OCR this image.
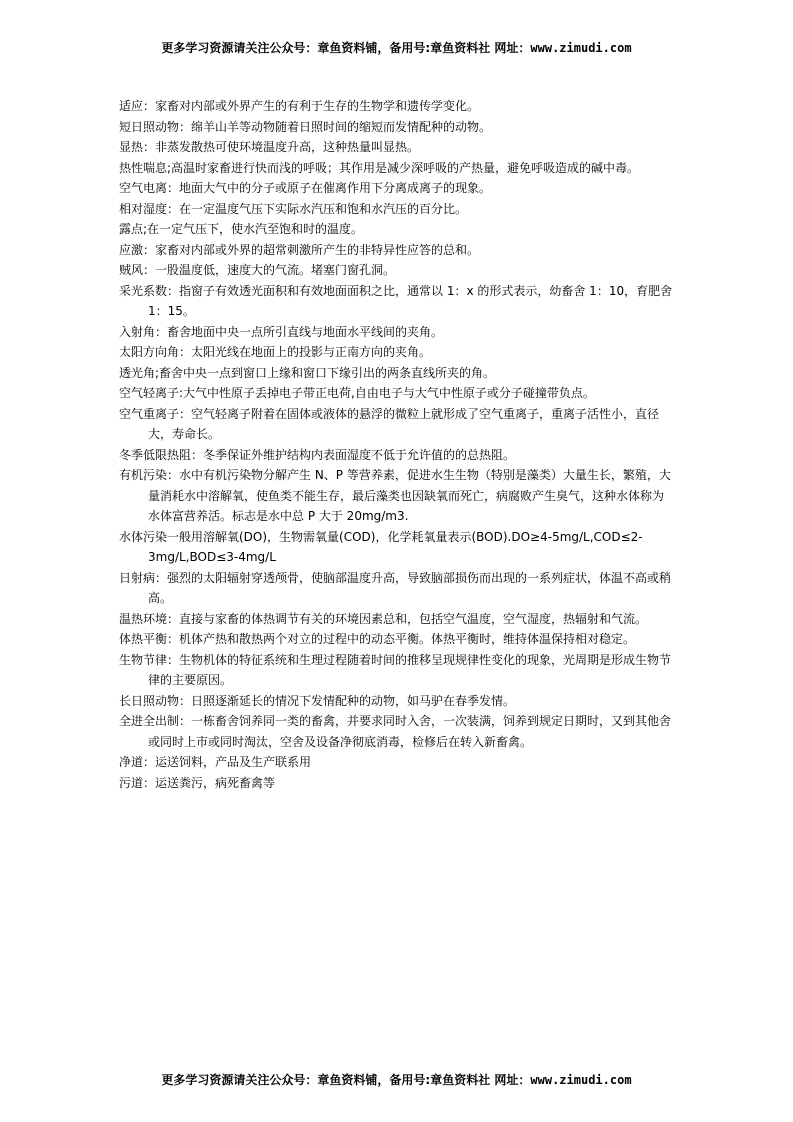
更多学习资源请关注公众号：章鱼资料铺，备用号:章鱼资料社 网址：www.zimudi.com

适应：家畜对内部或外界产生的有利于生存的生物学和遗传学变化。

短日照动物：绵羊山羊等动物随着日照时间的缩短而发情配种的动物。

显热：非蒸发散热可使环境温度升高，这种热量叫显热。

热性喘息;高温时家畜进行快而浅的呼吸；其作用是减少深呼吸的产热量，避免呼吸造成的碱中毒。

空气电离：地面大气中的分子或原子在催离作用下分离成离子的现象。

相对湿度：在一定温度气压下实际水汽压和饱和水汽压的百分比。

露点;在一定气压下，使水汽至饱和时的温度。

应激：家畜对内部或外界的超常刺激所产生的非特异性应答的总和。

贼风：一股温度低，速度大的气流。堵塞门窗孔洞。

采光系数：指窗子有效透光面积和有效地面面积之比，通常以 1：x 的形式表示，幼畜舍 1：10，育肥舍 1：15。

入射角：畜舍地面中央一点所引直线与地面水平线间的夹角。

太阳方向角：太阳光线在地面上的投影与正南方向的夹角。

透光角;畜舍中央一点到窗口上缘和窗口下缘引出的两条直线所夹的角。

空气轻离子:大气中性原子丢掉电子带正电荷,自由电子与大气中性原子或分子碰撞带负点。

空气重离子：空气轻离子附着在固体或液体的悬浮的微粒上就形成了空气重离子，重离子活性小，直径大，寿命长。

冬季低限热阻：冬季保证外维护结构内表面湿度不低于允许值的的总热阻。

有机污染：水中有机污染物分解产生 N、P 等营养素，促进水生生物（特别是藻类）大量生长，繁殖，大量消耗水中溶解氧，使鱼类不能生存，最后藻类也因缺氧而死亡，病腐败产生臭气，这种水体称为水体富营养活。标志是水中总 P 大于 20mg/m3.

水体污染一般用溶解氧(DO)，生物需氧量(COD)，化学耗氧量表示(BOD).DO≥4-5mg/L,COD≤2-3mg/L,BOD≤3-4mg/L

日射病：强烈的太阳辐射穿透颅骨，使脑部温度升高，导致脑部损伤而出现的一系列症状，体温不高或稍高。

温热环境：直接与家畜的体热调节有关的环境因素总和，包括空气温度，空气湿度，热辐射和气流。

体热平衡：机体产热和散热两个对立的过程中的动态平衡。体热平衡时，维持体温保持相对稳定。

生物节律：生物机体的特征系统和生理过程随着时间的推移呈现规律性变化的现象，光周期是形成生物节律的主要原因。

长日照动物：日照逐渐延长的情况下发情配种的动物，如马驴在春季发情。

全进全出制：一栋畜舍饲养同一类的畜禽，并要求同时入舍，一次装满，饲养到规定日期时，又到其他舍或同时上市或同时淘汰，空舍及设备净彻底消毒，检修后在转入新畜禽。

净道：运送饲料，产品及生产联系用

污道：运送粪污，病死畜禽等

更多学习资源请关注公众号：章鱼资料铺，备用号:章鱼资料社 网址：www.zimudi.com
